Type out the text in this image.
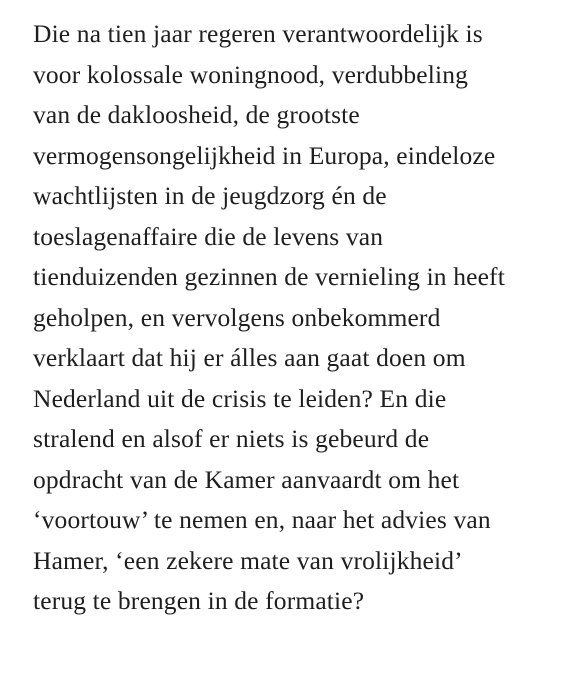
Die na tien jaar regeren verantwoordelijk is
voor kolossale woningnood, verdubbeling
van de dakloosheid, de grootste
vermogensongelijkheid in Europa, eindeloze
wachtlijsten in de jeugdzorg én de
toeslagenaffaire die de levens van
tienduizenden gezinnen de vernieling in heeft
geholpen, en vervolgens onbekommerd
verklaart dat hij er álles aan gaat doen om
Nederland uit de crisis te leiden? En die
stralend en alsof er niets is gebeurd de
opdracht van de Kamer aanvaardt om het
‘voortouw’ te nemen en, naar het advies van
Hamer, ‘een zekere mate van vrolijkheid’
terug te brengen in de formatie?
